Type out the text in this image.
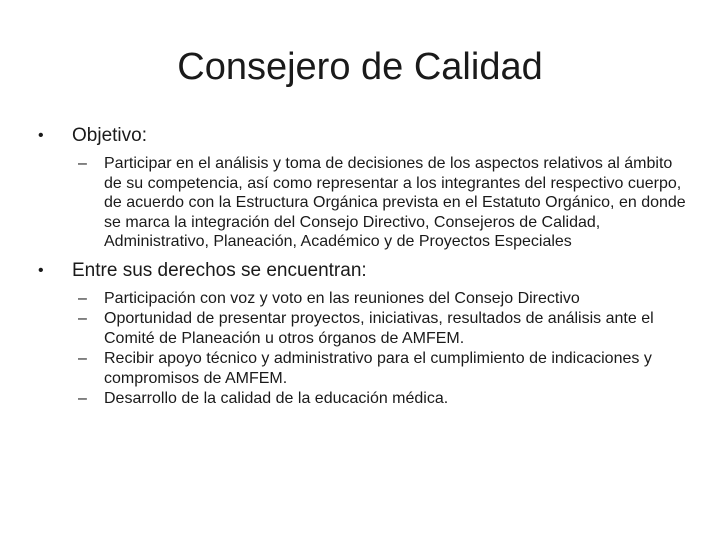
Consejero de Calidad
• Objetivo:
– Participar en el análisis y toma de decisiones de los aspectos relativos al ámbito de su competencia, así como representar a los integrantes del respectivo cuerpo, de acuerdo con la Estructura Orgánica prevista en el Estatuto Orgánico, en donde se marca la integración del Consejo Directivo, Consejeros de Calidad, Administrativo, Planeación, Académico y de Proyectos Especiales
• Entre sus derechos se encuentran:
– Participación con voz y voto en las reuniones del Consejo Directivo
– Oportunidad de presentar proyectos, iniciativas, resultados de análisis ante el Comité de Planeación u otros órganos de AMFEM.
– Recibir apoyo técnico y administrativo para el cumplimiento de indicaciones y compromisos de AMFEM.
– Desarrollo de la calidad de la educación médica.
